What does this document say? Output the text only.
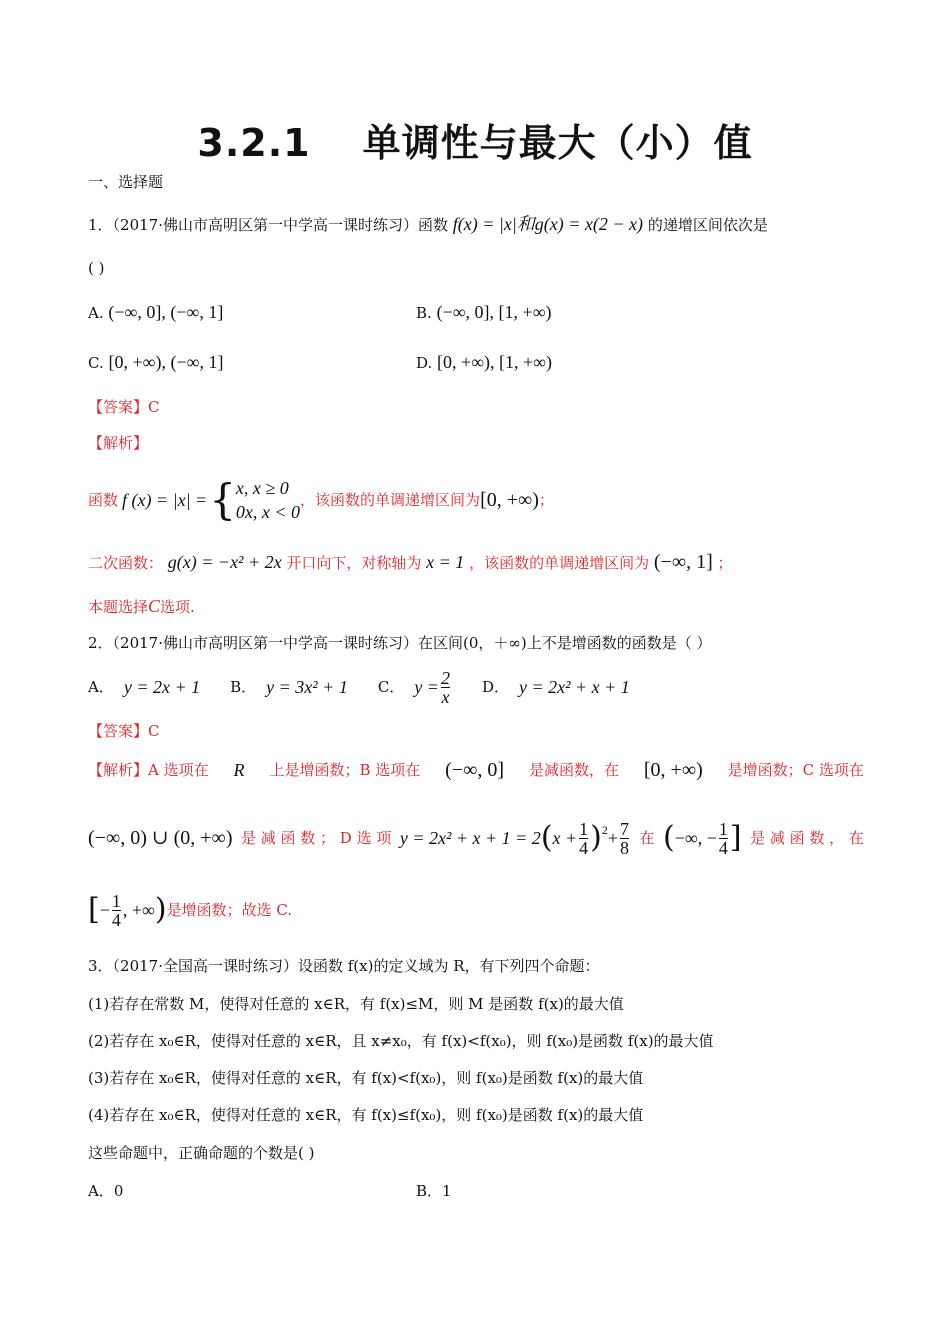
3.2.1 单调性与最大（小）值
一、选择题
1．（2017·佛山市高明区第一中学高一课时练习）函数 f(x) = |x|和g(x) = x(2 − x) 的递增区间依次是
( )
A. (−∞, 0], (−∞, 1]	B. (−∞, 0], [1, +∞)
C. [0, +∞), (−∞, 1]	D. [0, +∞), [1, +∞)
【答案】C
【解析】
函数 f (x) = |x| = { x, x ≥ 0
0x, x < 0
，该函数的单调递增区间为 [0, +∞) ；
二次函数： g(x) = −x² + 2x 开口向下，对称轴为 x = 1 ，该函数的单调递增区间为 (−∞, 1] ；
本题选择C选项.
2．（2017·佛山市高明区第一中学高一课时练习）在区间(0，＋∞)上不是增函数的函数是（ ）
A． y = 2x + 1 B． y = 3x² + 1 C． $y = \frac{2}{x}$ D． y = 2x² + x + 1
【答案】C
【解析】A 选项在 R 上是增函数；B 选项在 (−∞, 0] 是减函数，在 [0, +∞) 是增函数；C 选项在
(−∞, 0) ∪ (0, +∞) 是 减 函 数 ； D 选 项 y = 2x² + x + 1 = 2 ( $x + \frac{1}{4} )^2 + \frac{7}{8}$ 在 ( −∞, − $\frac{1}{4}$ ] 是 减 函 数 ， 在
[ − $\frac{1}{4}$ , +∞ ) 是增函数；故选 C.
3．（2017·全国高一课时练习）设函数 f(x)的定义域为 R，有下列四个命题：
(1)若存在常数 M，使得对任意的 x∈R，有 f(x)≤M，则 M 是函数 f(x)的最大值
(2)若存在 x₀∈R，使得对任意的 x∈R，且 x≠x₀，有 f(x)<f(x₀)，则 f(x₀)是函数 f(x)的最大值
(3)若存在 x₀∈R，使得对任意的 x∈R，有 f(x)<f(x₀)，则 f(x₀)是函数 f(x)的最大值
(4)若存在 x₀∈R，使得对任意的 x∈R，有 f(x)≤f(x₀)，则 f(x₀)是函数 f(x)的最大值
这些命题中，正确命题的个数是( )
A．0	B．1
